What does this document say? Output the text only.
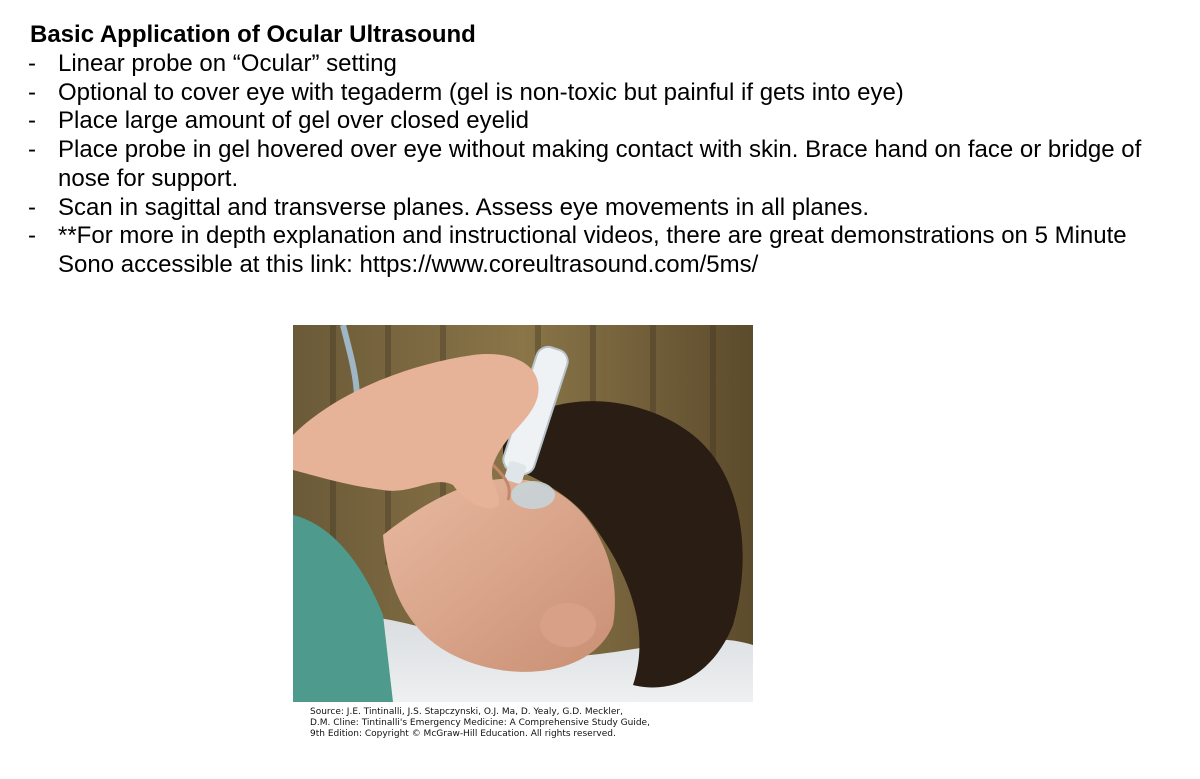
Basic Application of Ocular Ultrasound
- Linear probe on “Ocular” setting
- Optional to cover eye with tegaderm (gel is non-toxic but painful if gets into eye)
- Place large amount of gel over closed eyelid
- Place probe in gel hovered over eye without making contact with skin. Brace hand on face or bridge of nose for support.
- Scan in sagittal and transverse planes. Assess eye movements in all planes.
- **For more in depth explanation and instructional videos, there are great demonstrations on 5 Minute Sono accessible at this link: https://www.coreultrasound.com/5ms/
Source: J.E. Tintinalli, J.S. Stapczynski, O.J. Ma, D. Yealy, G.D. Meckler,
D.M. Cline: Tintinalli's Emergency Medicine: A Comprehensive Study Guide,
9th Edition: Copyright © McGraw-Hill Education. All rights reserved.
